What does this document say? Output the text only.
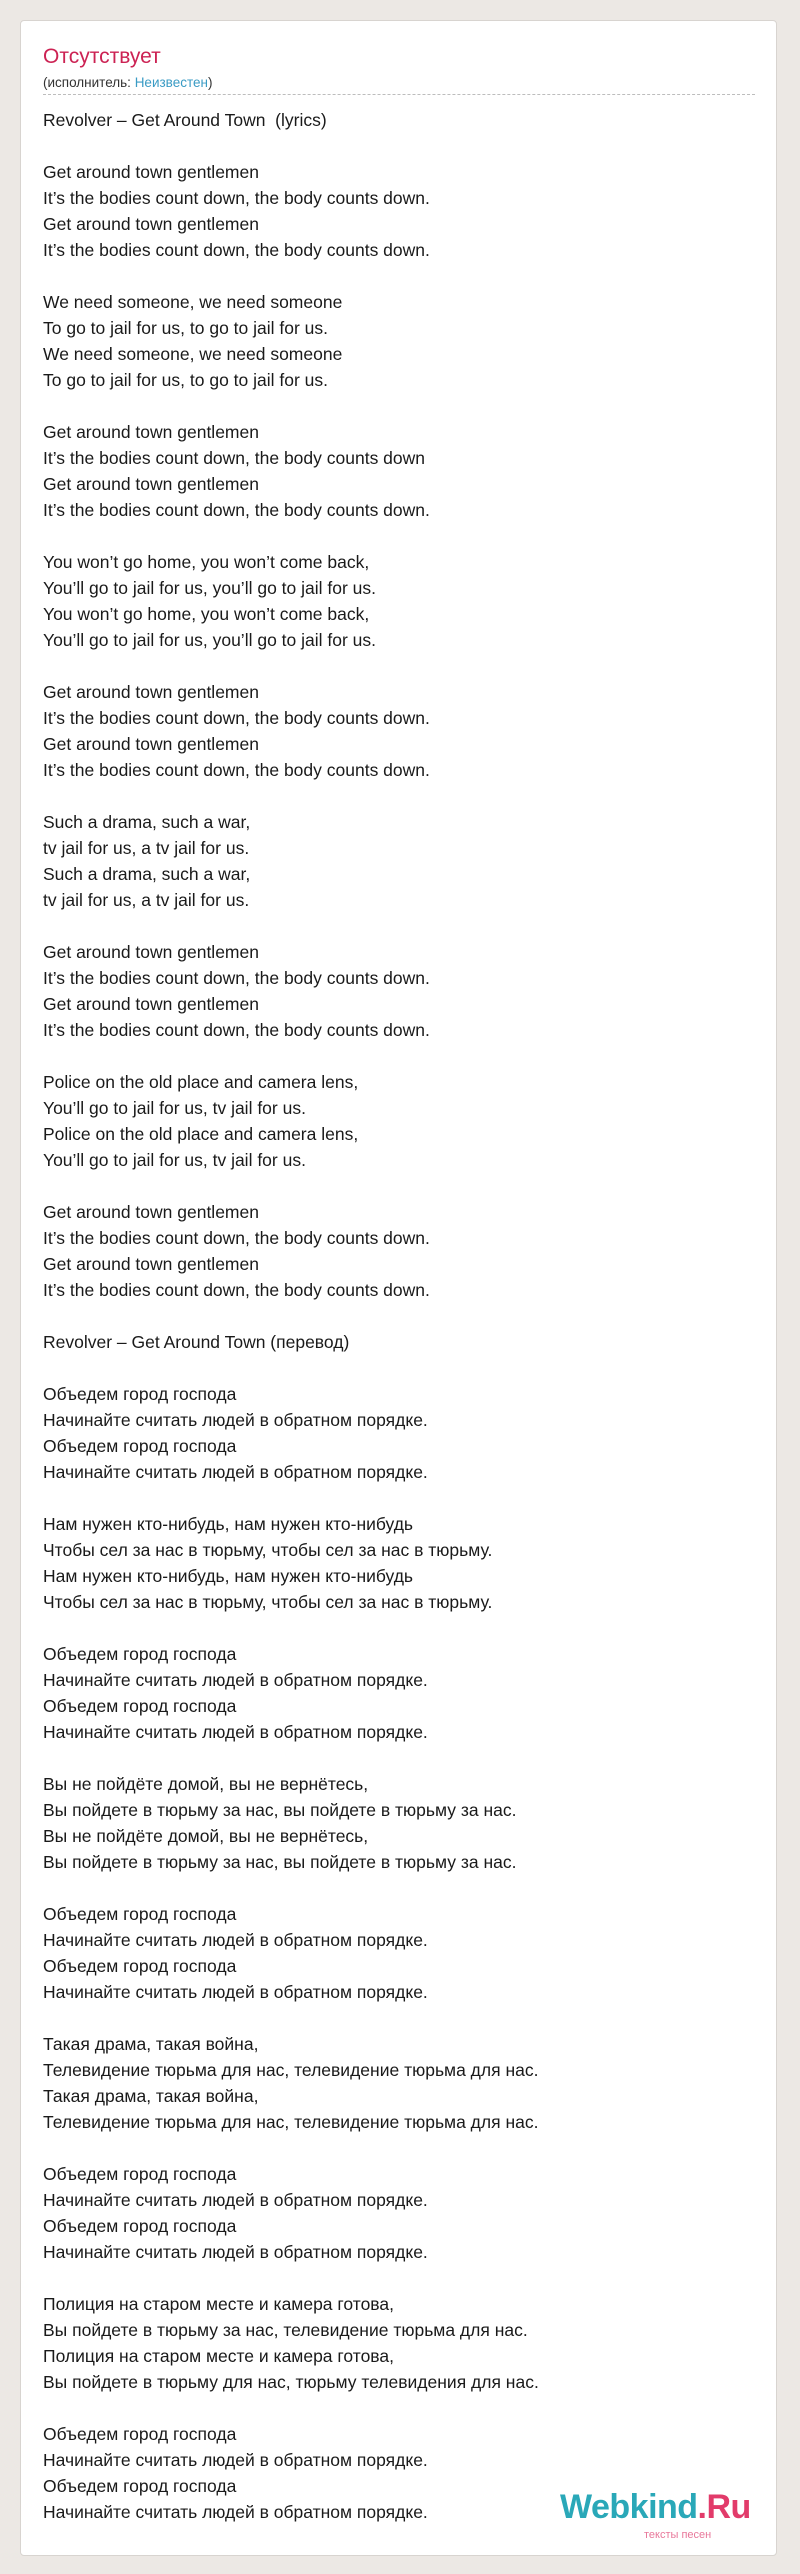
Отсутствует
(исполнитель: Неизвестен)
Revolver – Get Around Town  (lyrics)

Get around town gentlemen
It’s the bodies count down, the body counts down.
Get around town gentlemen
It’s the bodies count down, the body counts down.

We need someone, we need someone
To go to jail for us, to go to jail for us.
We need someone, we need someone
To go to jail for us, to go to jail for us.

Get around town gentlemen
It’s the bodies count down, the body counts down
Get around town gentlemen
It’s the bodies count down, the body counts down.

You won’t go home, you won’t come back,
You’ll go to jail for us, you’ll go to jail for us.
You won’t go home, you won’t come back,
You’ll go to jail for us, you’ll go to jail for us.

Get around town gentlemen
It’s the bodies count down, the body counts down.
Get around town gentlemen
It’s the bodies count down, the body counts down.

Such a drama, such a war,
tv jail for us, a tv jail for us.
Such a drama, such a war,
tv jail for us, a tv jail for us.

Get around town gentlemen
It’s the bodies count down, the body counts down.
Get around town gentlemen
It’s the bodies count down, the body counts down.

Police on the old place and camera lens,
You’ll go to jail for us, tv jail for us.
Police on the old place and camera lens,
You’ll go to jail for us, tv jail for us.

Get around town gentlemen
It’s the bodies count down, the body counts down.
Get around town gentlemen
It’s the bodies count down, the body counts down.

Revolver – Get Around Town (перевод)

Объедем город господа
Начинайте считать людей в обратном порядке.
Объедем город господа
Начинайте считать людей в обратном порядке.

Нам нужен кто-нибудь, нам нужен кто-нибудь
Чтобы сел за нас в тюрьму, чтобы сел за нас в тюрьму.
Нам нужен кто-нибудь, нам нужен кто-нибудь
Чтобы сел за нас в тюрьму, чтобы сел за нас в тюрьму.

Объедем город господа
Начинайте считать людей в обратном порядке.
Объедем город господа
Начинайте считать людей в обратном порядке.

Вы не пойдёте домой, вы не вернётесь,
Вы пойдете в тюрьму за нас, вы пойдете в тюрьму за нас.
Вы не пойдёте домой, вы не вернётесь,
Вы пойдете в тюрьму за нас, вы пойдете в тюрьму за нас.

Объедем город господа
Начинайте считать людей в обратном порядке.
Объедем город господа
Начинайте считать людей в обратном порядке.

Такая драма, такая война,
Телевидение тюрьма для нас, телевидение тюрьма для нас.
Такая драма, такая война,
Телевидение тюрьма для нас, телевидение тюрьма для нас.

Объедем город господа
Начинайте считать людей в обратном порядке.
Объедем город господа
Начинайте считать людей в обратном порядке.

Полиция на старом месте и камера готова,
Вы пойдете в тюрьму за нас, телевидение тюрьма для нас.
Полиция на старом месте и камера готова,
Вы пойдете в тюрьму для нас, тюрьму телевидения для нас.

Объедем город господа
Начинайте считать людей в обратном порядке.
Объедем город господа
Начинайте считать людей в обратном порядке.	Webkind.Ru
тексты песен
